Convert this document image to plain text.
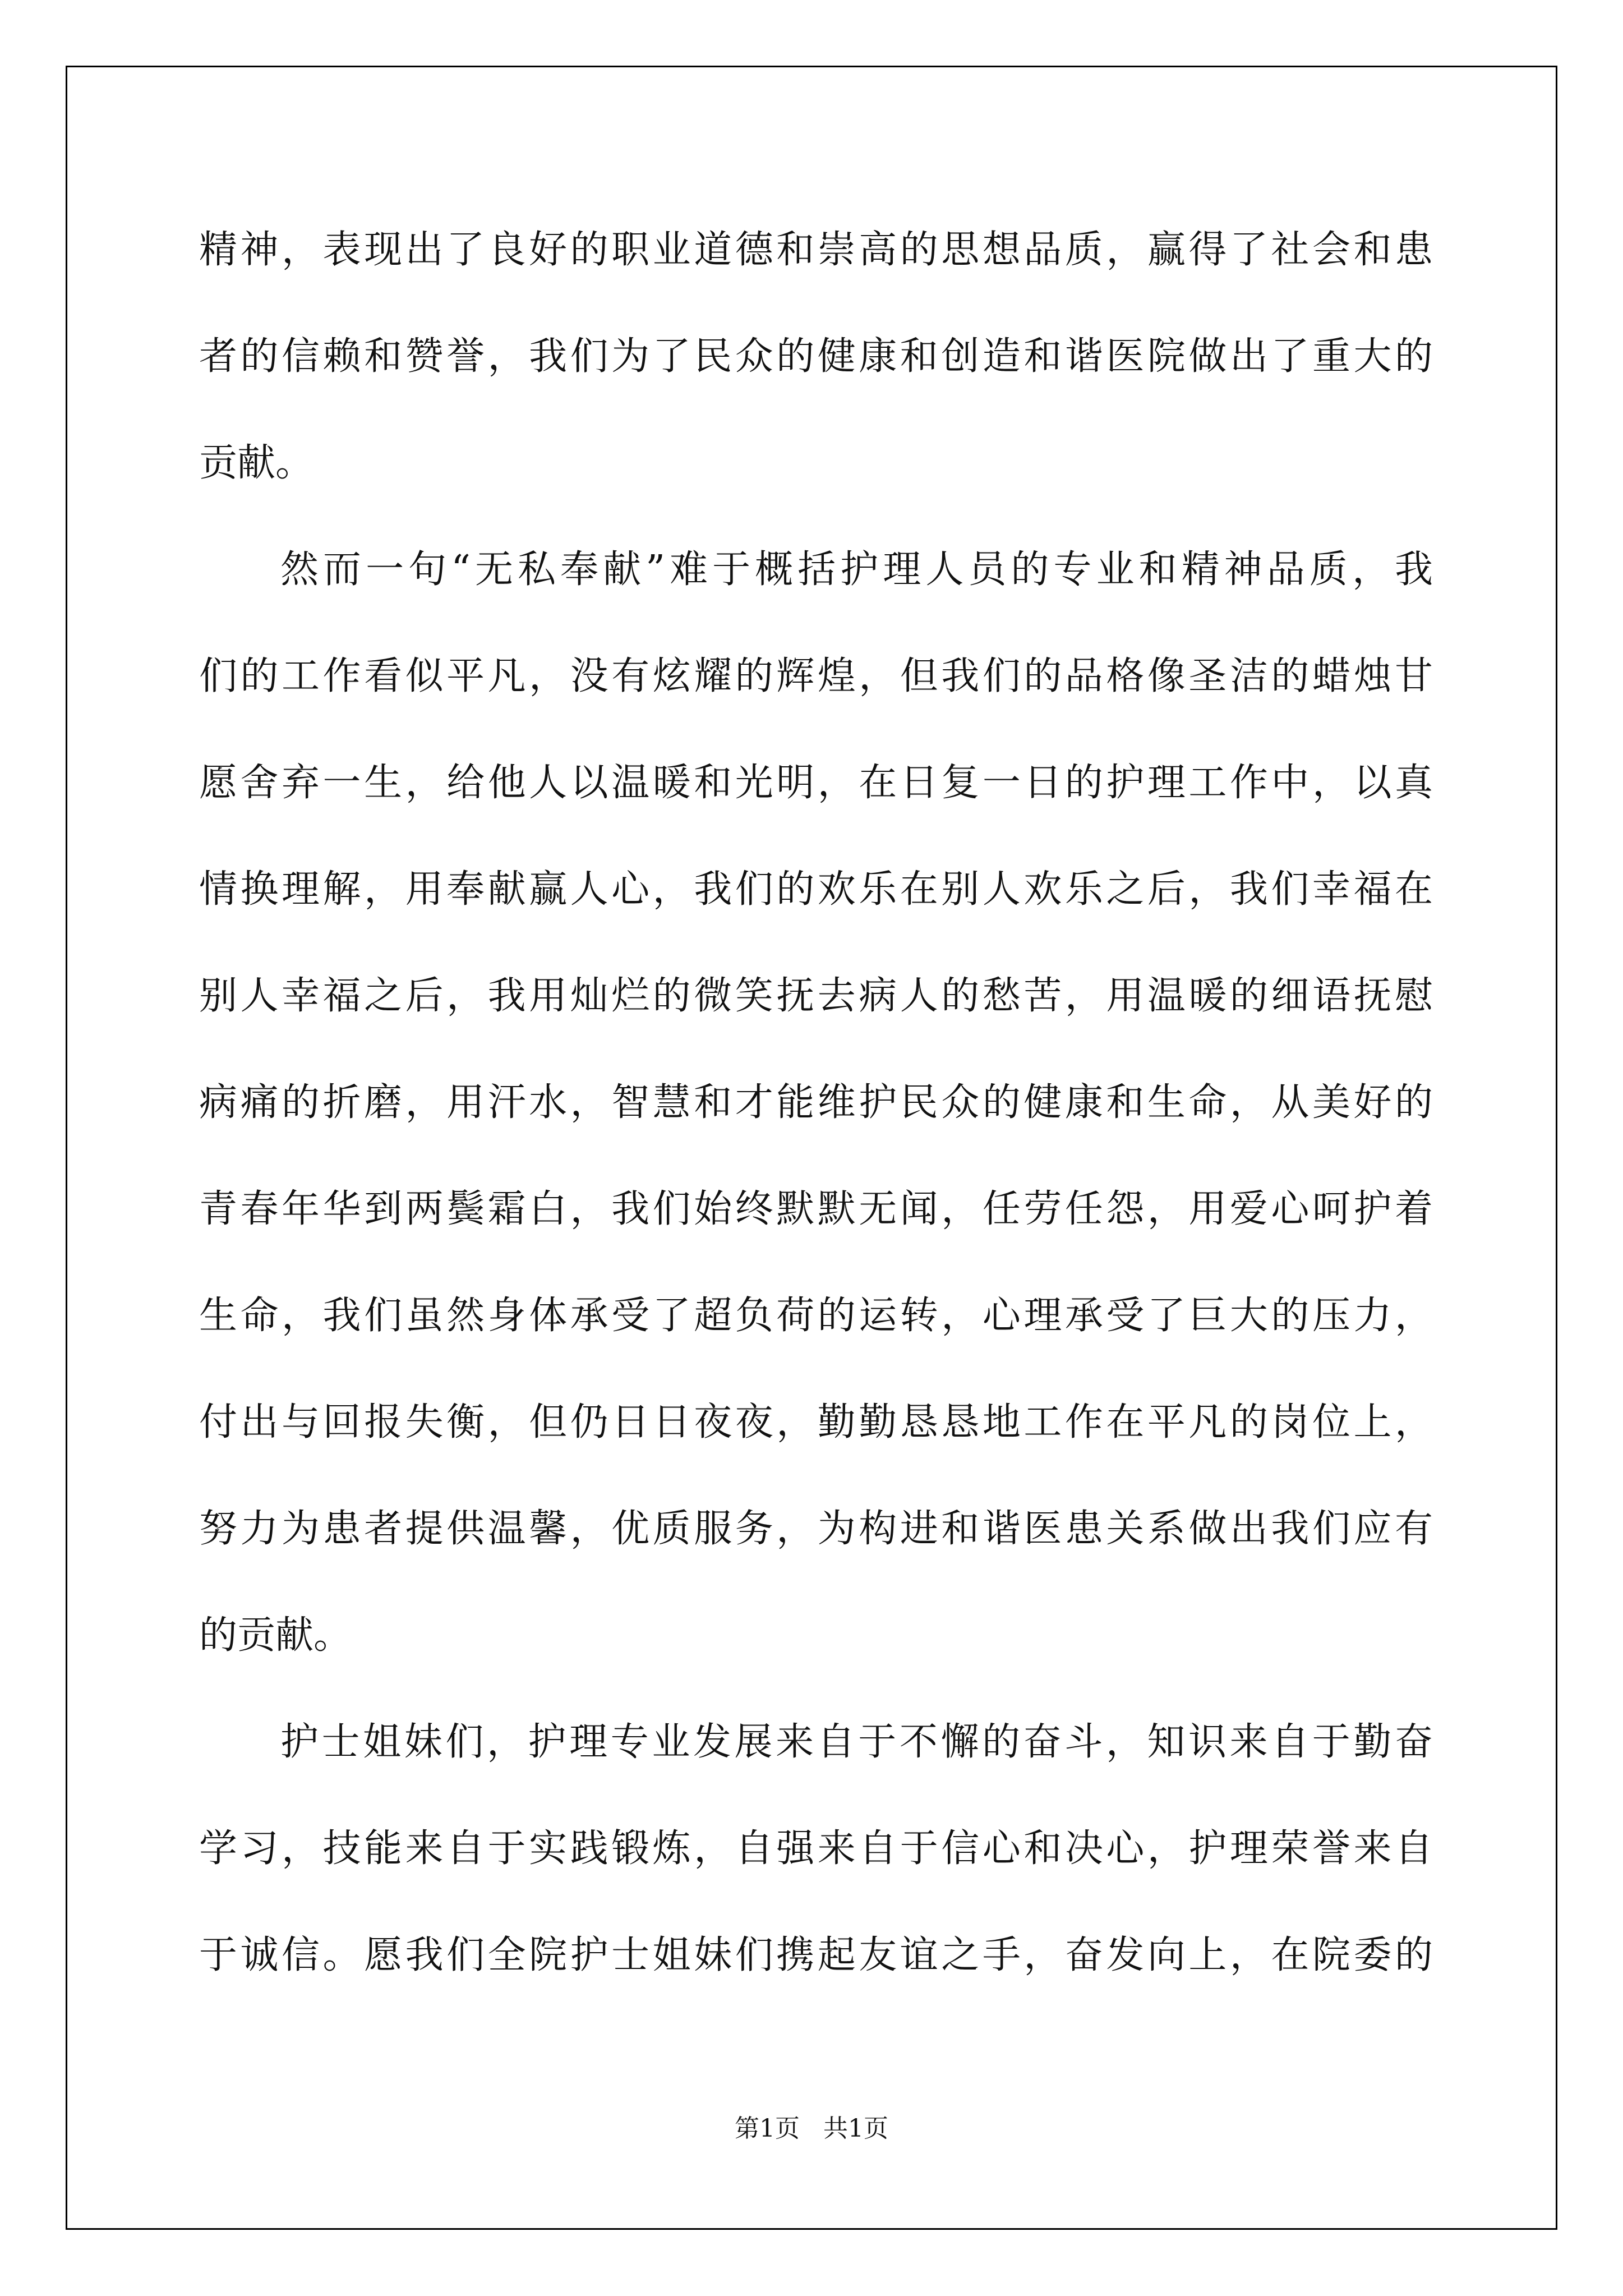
精神，表现出了良好的职业道德和崇高的思想品质，赢得了社会和患
者的信赖和赞誉，我们为了民众的健康和创造和谐医院做出了重大的
贡献。
然而一句“无私奉献”难于概括护理人员的专业和精神品质，我
们的工作看似平凡，没有炫耀的辉煌，但我们的品格像圣洁的蜡烛甘
愿舍弃一生，给他人以温暖和光明，在日复一日的护理工作中，以真
情换理解，用奉献赢人心，我们的欢乐在别人欢乐之后，我们幸福在
别人幸福之后，我用灿烂的微笑抚去病人的愁苦，用温暖的细语抚慰
病痛的折磨，用汗水，智慧和才能维护民众的健康和生命，从美好的
青春年华到两鬓霜白，我们始终默默无闻，任劳任怨，用爱心呵护着
生命，我们虽然身体承受了超负荷的运转，心理承受了巨大的压力，
付出与回报失衡，但仍日日夜夜，勤勤恳恳地工作在平凡的岗位上，
努力为患者提供温馨，优质服务，为构进和谐医患关系做出我们应有
的贡献。
护士姐妹们，护理专业发展来自于不懈的奋斗，知识来自于勤奋
学习，技能来自于实践锻炼，自强来自于信心和决心，护理荣誉来自
于诚信。愿我们全院护士姐妹们携起友谊之手，奋发向上，在院委的
第1页   共1页
